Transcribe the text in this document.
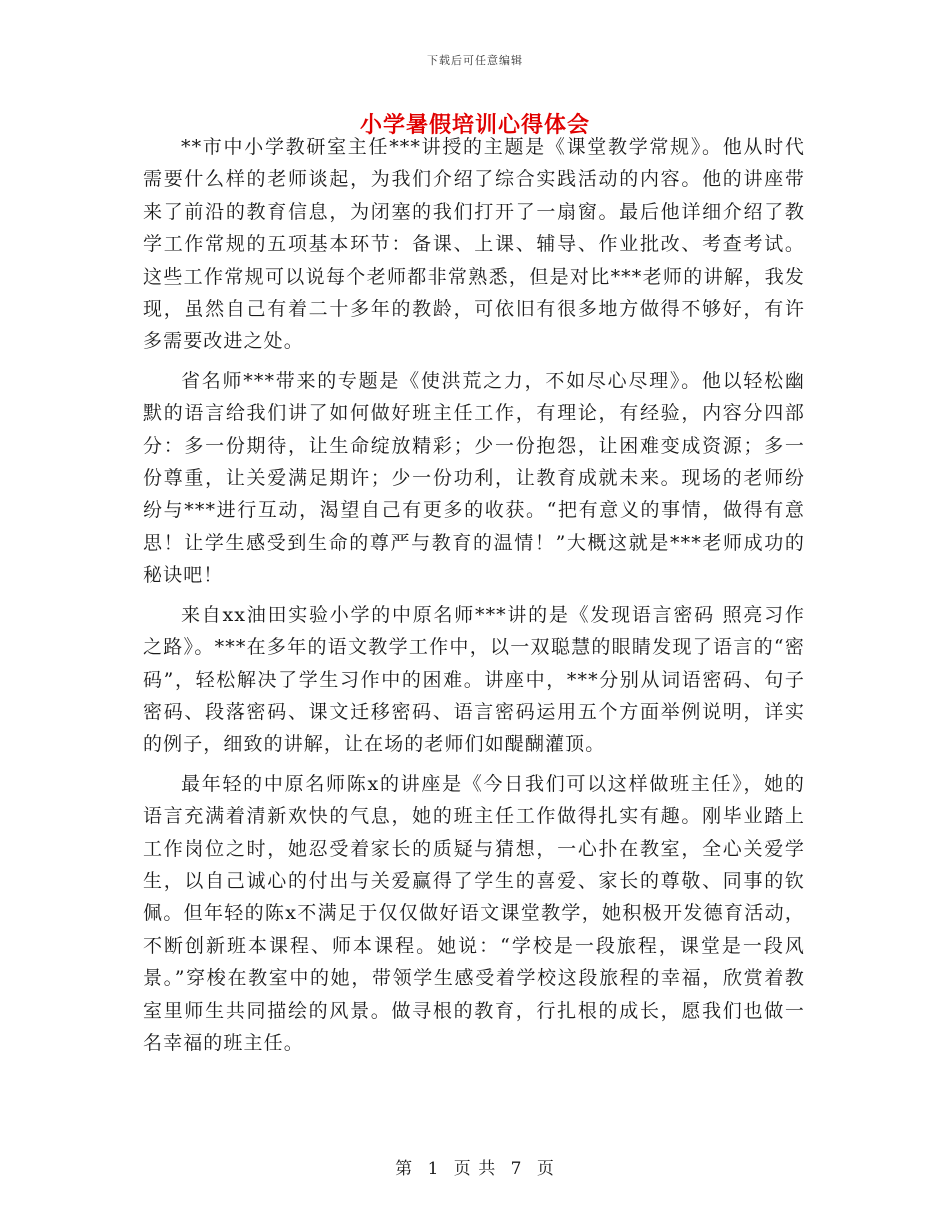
下载后可任意编辑
小学暑假培训心得体会

**市中小学教研室主任***讲授的主题是《课堂教学常规》。他从时代需要什么样的老师谈起，为我们介绍了综合实践活动的内容。他的讲座带来了前沿的教育信息，为闭塞的我们打开了一扇窗。最后他详细介绍了教学工作常规的五项基本环节：备课、上课、辅导、作业批改、考查考试。这些工作常规可以说每个老师都非常熟悉，但是对比***老师的讲解，我发现，虽然自己有着二十多年的教龄，可依旧有很多地方做得不够好，有许多需要改进之处。

省名师***带来的专题是《使洪荒之力，不如尽心尽理》。他以轻松幽默的语言给我们讲了如何做好班主任工作，有理论，有经验，内容分四部分：多一份期待，让生命绽放精彩；少一份抱怨，让困难变成资源；多一份尊重，让关爱满足期许；少一份功利，让教育成就未来。现场的老师纷纷与***进行互动，渴望自己有更多的收获。“把有意义的事情，做得有意思！让学生感受到生命的尊严与教育的温情！”大概这就是***老师成功的秘诀吧！

来自xx油田实验小学的中原名师***讲的是《发现语言密码 照亮习作之路》。***在多年的语文教学工作中，以一双聪慧的眼睛发现了语言的“密码”，轻松解决了学生习作中的困难。讲座中，***分别从词语密码、句子密码、段落密码、课文迁移密码、语言密码运用五个方面举例说明，详实的例子，细致的讲解，让在场的老师们如醍醐灌顶。

最年轻的中原名师陈x的讲座是《今日我们可以这样做班主任》，她的语言充满着清新欢快的气息，她的班主任工作做得扎实有趣。刚毕业踏上工作岗位之时，她忍受着家长的质疑与猜想，一心扑在教室，全心关爱学生，以自己诚心的付出与关爱赢得了学生的喜爱、家长的尊敬、同事的钦佩。但年轻的陈x不满足于仅仅做好语文课堂教学，她积极开发德育活动，不断创新班本课程、师本课程。她说：“学校是一段旅程，课堂是一段风景。”穿梭在教室中的她，带领学生感受着学校这段旅程的幸福，欣赏着教室里师生共同描绘的风景。做寻根的教育，行扎根的成长，愿我们也做一名幸福的班主任。

第 1 页 共 7 页
